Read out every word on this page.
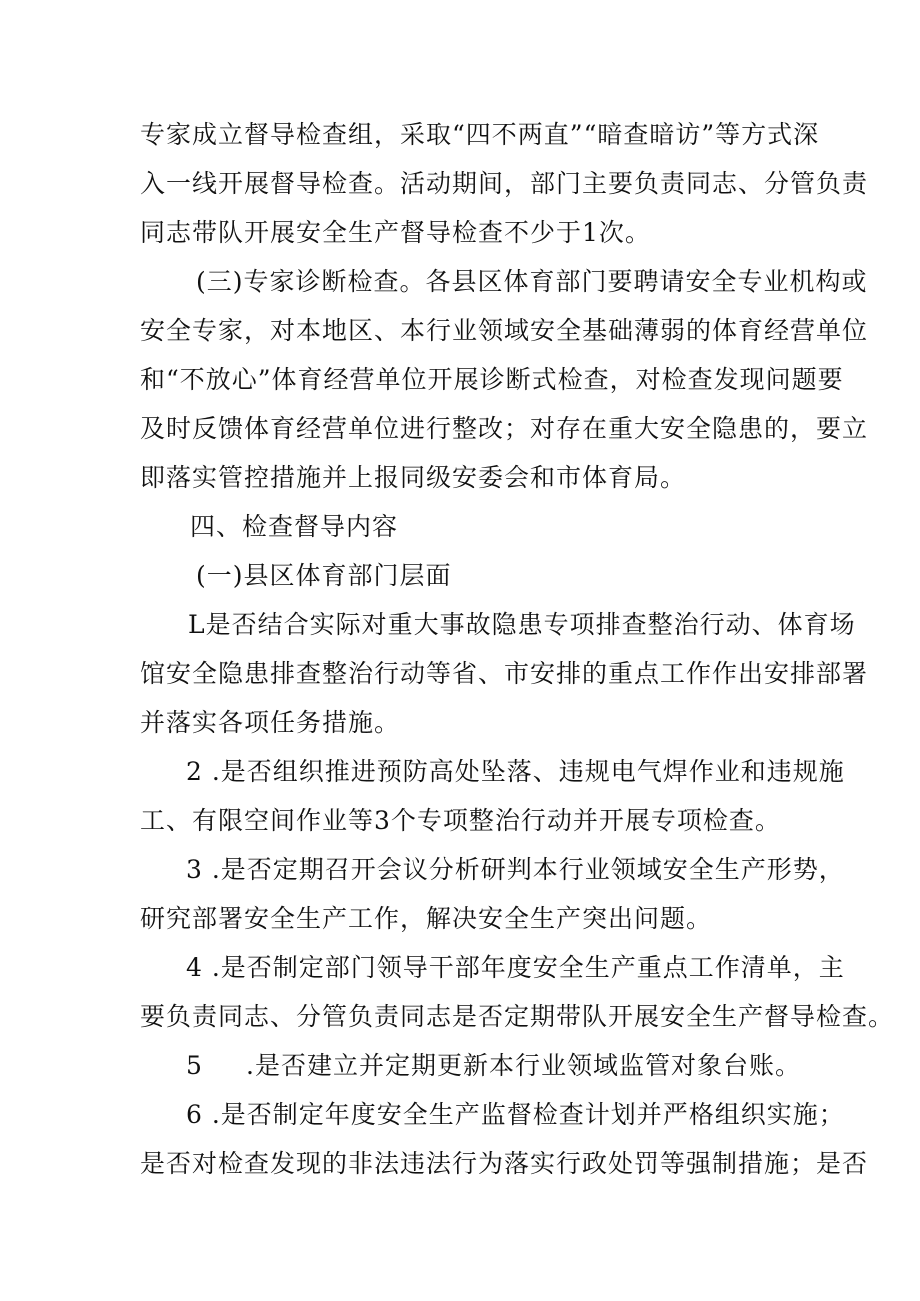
专家成立督导检查组，采取“四不两直”“暗查暗访”等方式深
入一线开展督导检查。活动期间，部门主要负责同志、分管负责
同志带队开展安全生产督导检查不少于1次。
(三)专家诊断检查。各县区体育部门要聘请安全专业机构或
安全专家，对本地区、本行业领域安全基础薄弱的体育经营单位
和“不放心”体育经营单位开展诊断式检查，对检查发现问题要
及时反馈体育经营单位进行整改；对存在重大安全隐患的，要立
即落实管控措施并上报同级安委会和市体育局。
四、检查督导内容
(一)县区体育部门层面
L是否结合实际对重大事故隐患专项排查整治行动、体育场
馆安全隐患排查整治行动等省、市安排的重点工作作出安排部署
并落实各项任务措施。
2 .是否组织推进预防高处坠落、违规电气焊作业和违规施
工、有限空间作业等3个专项整治行动并开展专项检查。
3 .是否定期召开会议分析研判本行业领域安全生产形势，
研究部署安全生产工作，解决安全生产突出问题。
4 .是否制定部门领导干部年度安全生产重点工作清单，主
要负责同志、分管负责同志是否定期带队开展安全生产督导检查。
5 .是否建立并定期更新本行业领域监管对象台账。
6 .是否制定年度安全生产监督检查计划并严格组织实施；
是否对检查发现的非法违法行为落实行政处罚等强制措施；是否
